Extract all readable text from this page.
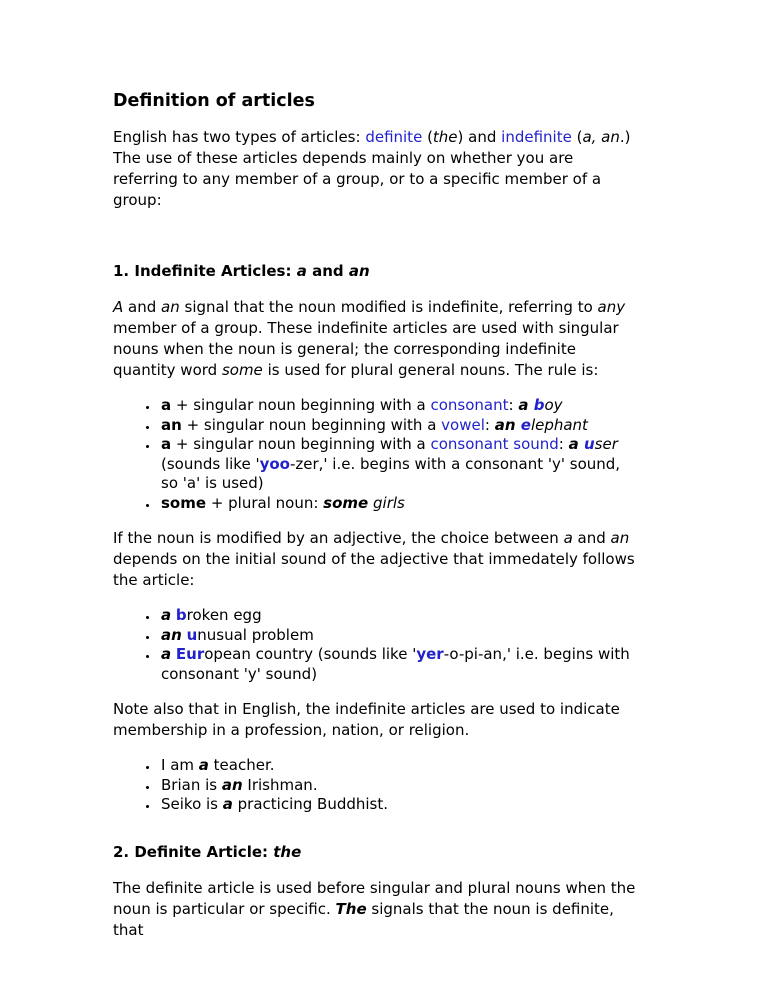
Definition of articles

English has two types of articles: definite (the) and indefinite (a, an.) The use of these articles depends mainly on whether you are referring to any member of a group, or to a specific member of a group:

1. Indefinite Articles: a and an

A and an signal that the noun modified is indefinite, referring to any member of a group. These indefinite articles are used with singular nouns when the noun is general; the corresponding indefinite quantity word some is used for plural general nouns. The rule is:

• a + singular noun beginning with a consonant: a boy
• an + singular noun beginning with a vowel: an elephant
• a + singular noun beginning with a consonant sound: a user (sounds like 'yoo-zer,' i.e. begins with a consonant 'y' sound, so 'a' is used)
• some + plural noun: some girls

If the noun is modified by an adjective, the choice between a and an depends on the initial sound of the adjective that immedately follows the article:

• a broken egg
• an unusual problem
• a European country (sounds like 'yer-o-pi-an,' i.e. begins with consonant 'y' sound)

Note also that in English, the indefinite articles are used to indicate membership in a profession, nation, or religion.

• I am a teacher.
• Brian is an Irishman.
• Seiko is a practicing Buddhist.
2. Definite Article: the

The definite article is used before singular and plural nouns when the noun is particular or specific. The signals that the noun is definite, that
